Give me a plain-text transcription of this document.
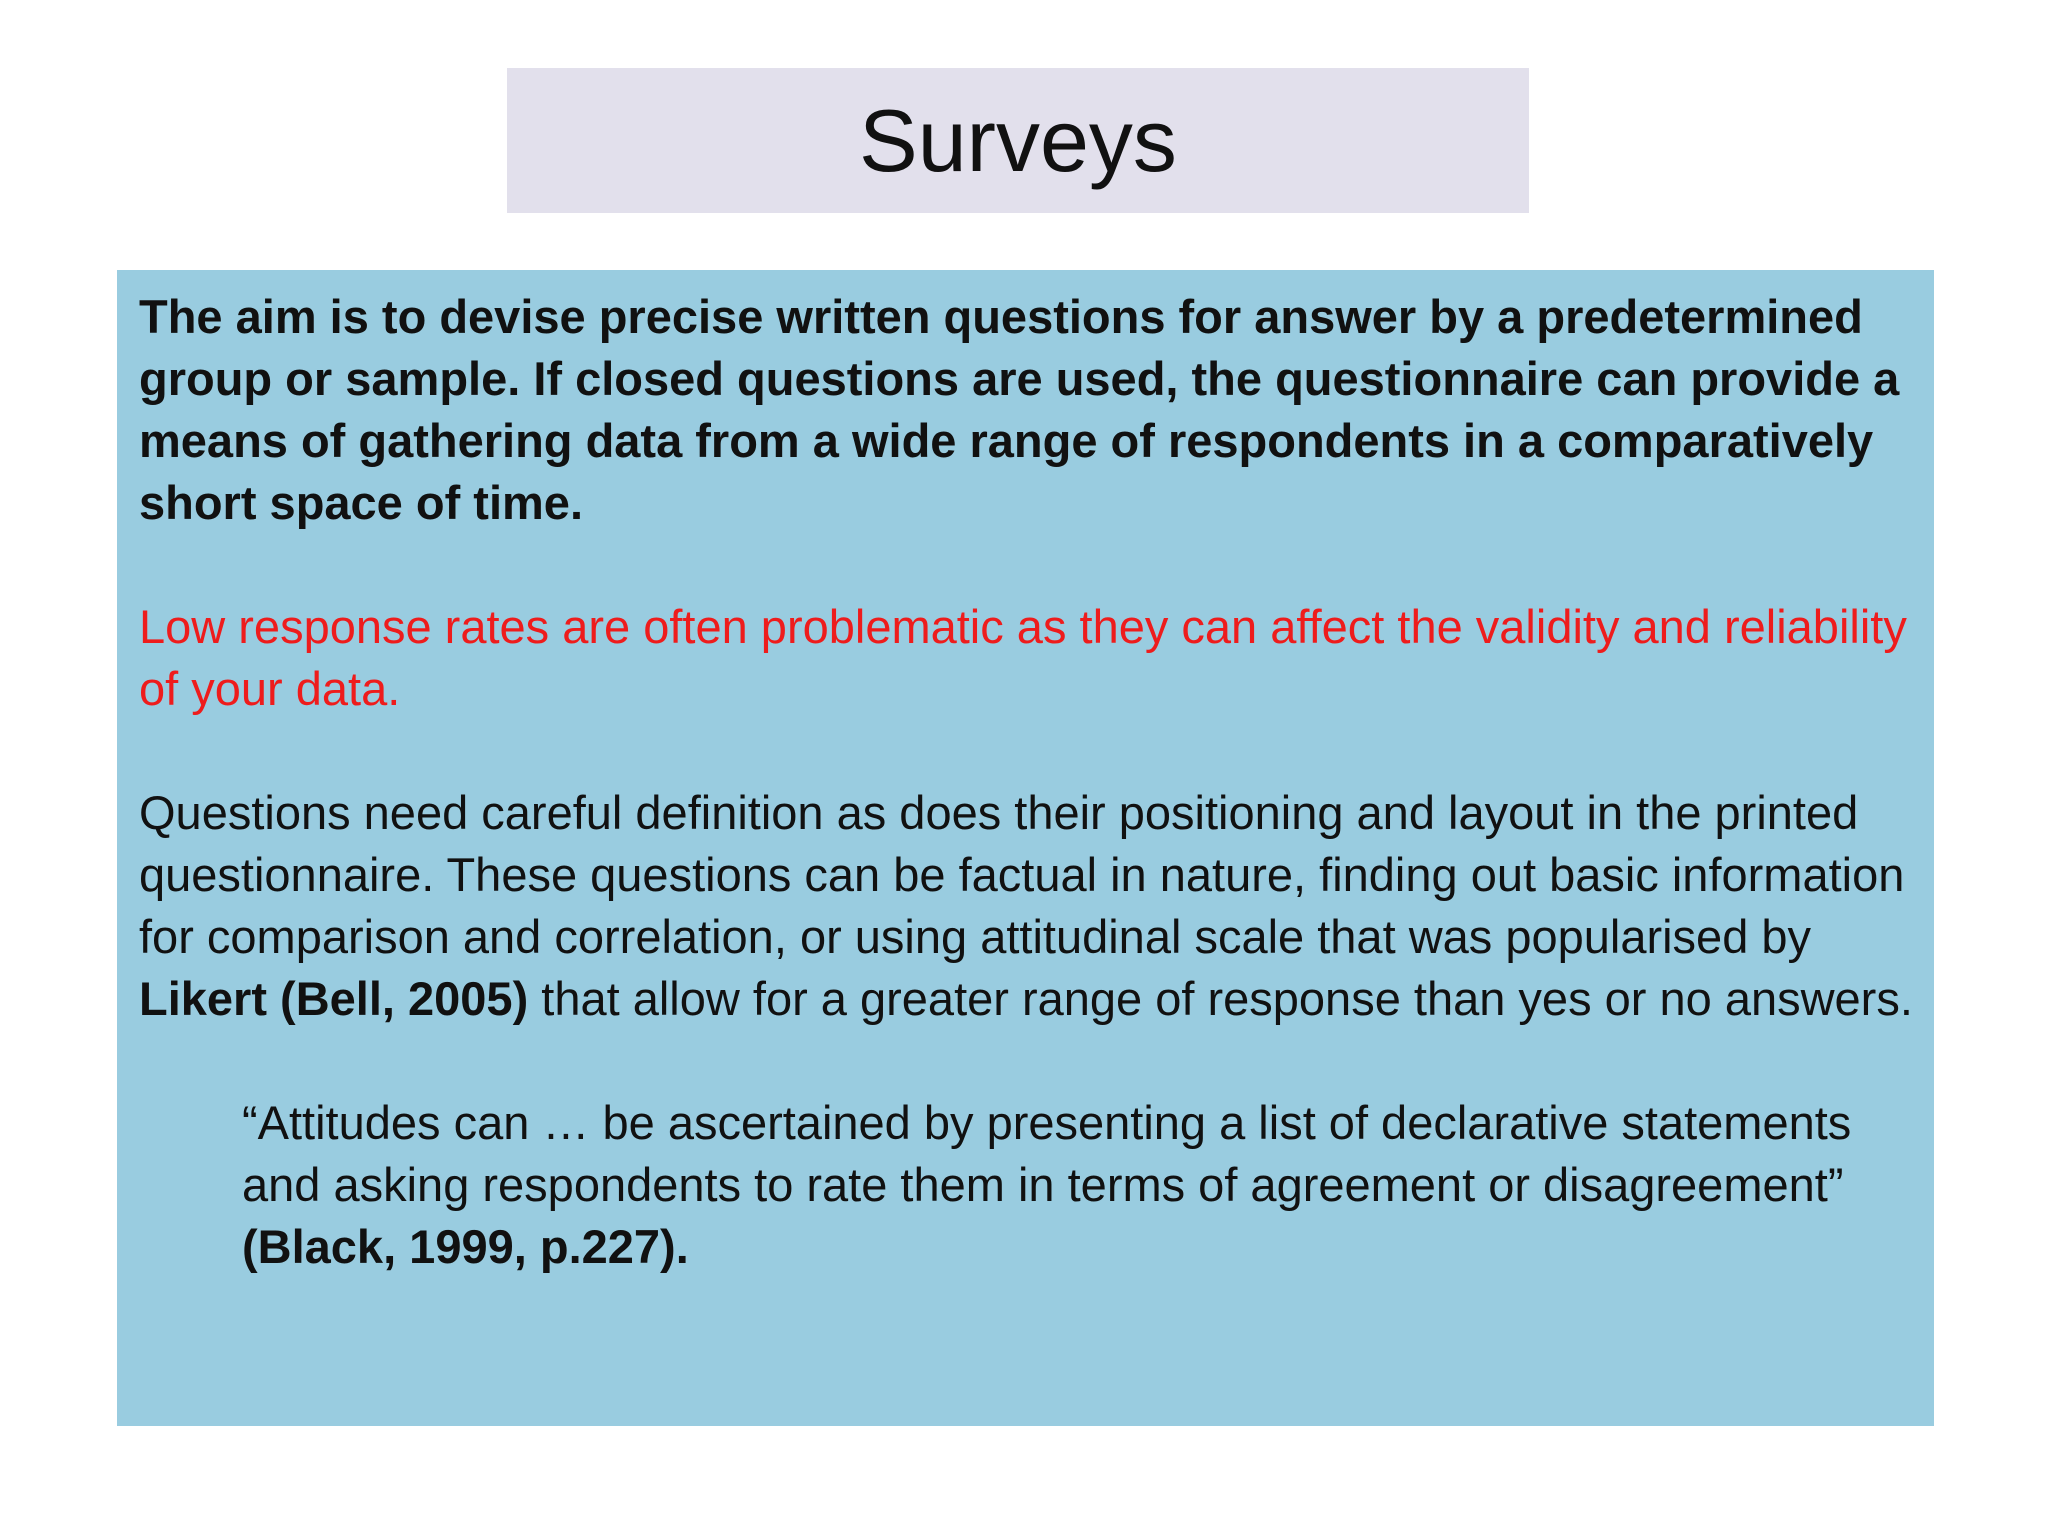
Surveys

The aim is to devise precise written questions for answer by a predetermined group or sample. If closed questions are used, the questionnaire can provide a means of gathering data from a wide range of respondents in a comparatively short space of time.

Low response rates are often problematic as they can affect the validity and reliability of your data.

Questions need careful definition as does their positioning and layout in the printed questionnaire. These questions can be factual in nature, finding out basic information for comparison and correlation, or using attitudinal scale that was popularised by Likert (Bell, 2005) that allow for a greater range of response than yes or no answers.

“Attitudes can … be ascertained by presenting a list of declarative statements and asking respondents to rate them in terms of agreement or disagreement” (Black, 1999, p.227).
